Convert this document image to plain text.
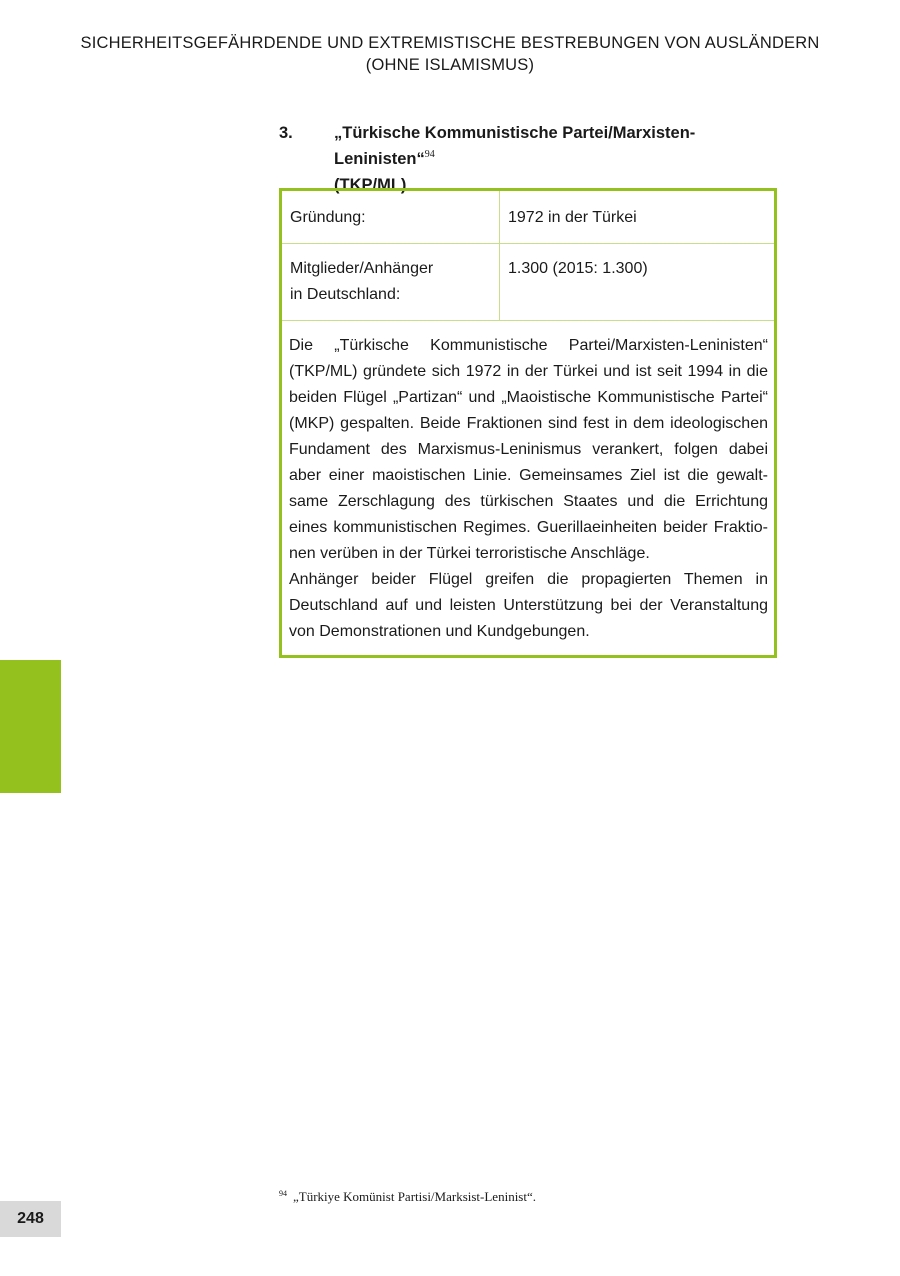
SICHERHEITSGEFÄHRDENDE UND EXTREMISTISCHE BESTREBUNGEN VON AUSLÄNDERN
(OHNE ISLAMISMUS)
3. „Türkische Kommunistische Partei/Marxisten-Leninisten“$^{94}$
(TKP/ML)
Gründung:	1972 in der Türkei
Mitglieder/Anhänger
in Deutschland:
1.300 (2015: 1.300)

Die „Türkische Kommunistische Partei/Marxisten-Leninisten“ (TKP/ML) gründete sich 1972 in der Türkei und ist seit 1994 in die beiden Flügel „Partizan“ und „Maoistische Kommunistische Partei“ (MKP) gespalten. Beide Fraktionen sind fest in dem ideologischen Fundament des Marxismus-Leninismus verankert, folgen dabei aber einer maoistischen Linie. Gemeinsames Ziel ist die gewaltsame Zerschlagung des türkischen Staates und die Errichtung eines kommunistischen Regimes. Guerillaeinheiten beider Fraktionen verüben in der Türkei terroristische Anschläge.

Anhänger beider Flügel greifen die propagierten Themen in Deutschland auf und leisten Unterstützung bei der Veranstaltung von Demonstrationen und Kundgebungen.

$^{94}$ „Türkiye Komünist Partisi/Marksist-Leninist“.
248
